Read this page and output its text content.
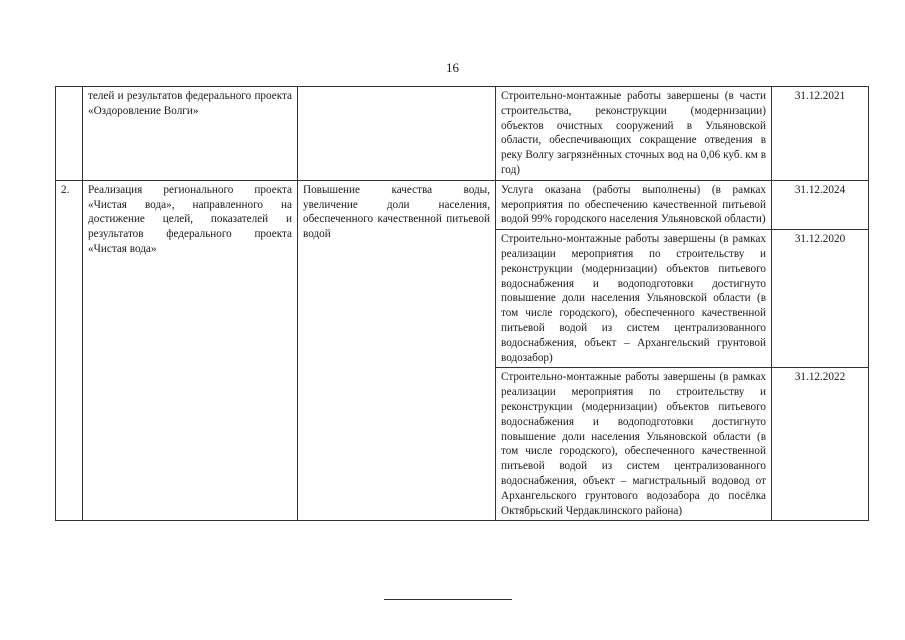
16
	телей и результатов федерального проекта «Оздоровление Волги»		Строительно-монтажные работы завершены (в части строительства, реконструкции (модернизации) объектов очистных сооружений в Ульяновской области, обеспечивающих сокращение отведения в реку Волгу загрязнённых сточных вод на 0,06 куб. км в год)	31.12.2021
2.	Реализация регионального проекта «Чистая вода», направленного на достижение целей, показателей и результатов федерального проекта «Чистая вода»	Повышение качества воды, увеличение доли населения, обеспеченного качественной питьевой водой	Услуга оказана (работы выполнены) (в рамках мероприятия по обеспечению качественной питьевой водой 99% городского населения Ульяновской области)	31.12.2024
			Строительно-монтажные работы завершены (в рамках реализации мероприятия по строительству и реконструкции (модернизации) объектов питьевого водоснабжения и водоподготовки достигнуто повышение доли населения Ульяновской области (в том числе городского), обеспеченного качественной питьевой водой из систем централизованного водоснабжения, объект – Архангельский грунтовой водозабор)	31.12.2020
			Строительно-монтажные работы завершены (в рамках реализации мероприятия по строительству и реконструкции (модернизации) объектов питьевого водоснабжения и водоподготовки достигнуто повышение доли населения Ульяновской области (в том числе городского), обеспеченного качественной питьевой водой из систем централизованного водоснабжения, объект – магистральный водовод от Архангельского грунтового водозабора до посёлка Октябрьский Чердаклинского района)	31.12.2022
